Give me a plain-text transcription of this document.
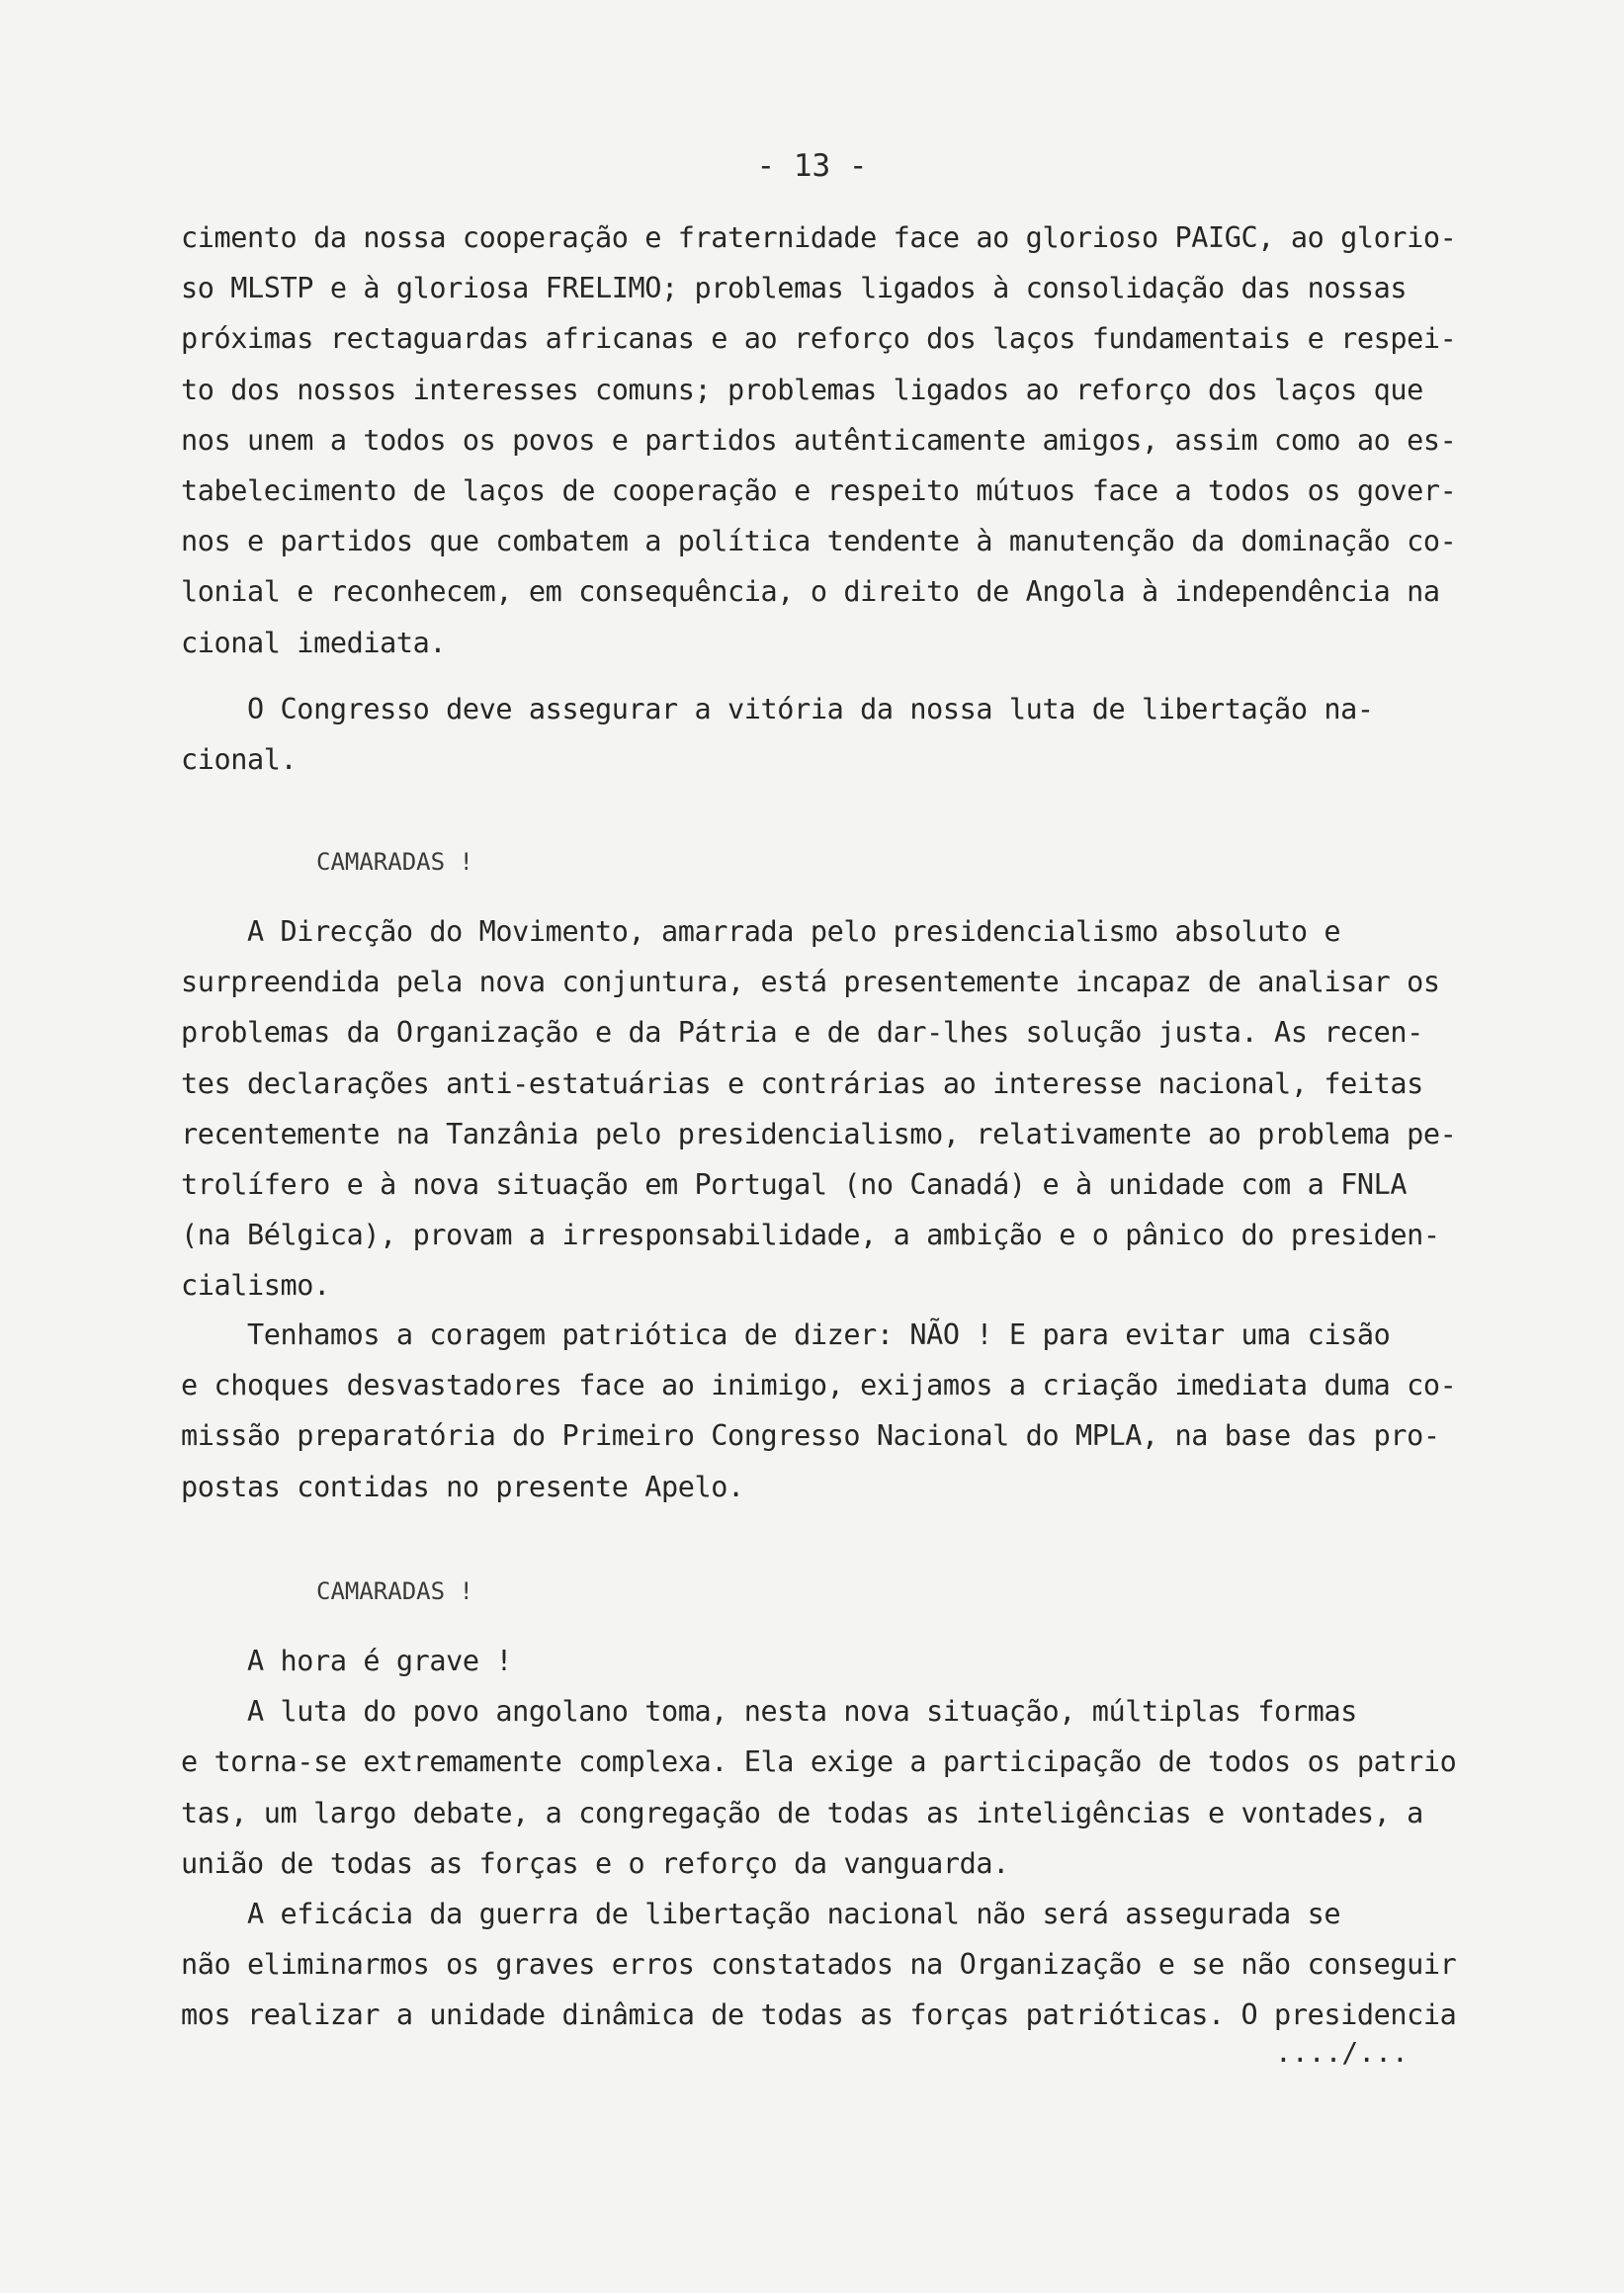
- 13 -
cimento da nossa cooperação e fraternidade face ao glorioso PAIGC, ao glorio-
so MLSTP e à gloriosa FRELIMO; problemas ligados à consolidação das nossas
próximas rectaguardas africanas e ao reforço dos laços fundamentais e respei-
to dos nossos interesses comuns; problemas ligados ao reforço dos laços que
nos unem a todos os povos e partidos autênticamente amigos, assim como ao es-
tabelecimento de laços de cooperação e respeito mútuos face a todos os gover-
nos e partidos que combatem a política tendente à manutenção da dominação co-
lonial e reconhecem, em consequência, o direito de Angola à independência na
cional imediata.
O Congresso deve assegurar a vitória da nossa luta de libertação na-
cional.
CAMARADAS !
A Direcção do Movimento, amarrada pelo presidencialismo absoluto e
surpreendida pela nova conjuntura, está presentemente incapaz de analisar os
problemas da Organização e da Pátria e de dar-lhes solução justa. As recen-
tes declarações anti-estatuárias e contrárias ao interesse nacional, feitas
recentemente na Tanzânia pelo presidencialismo, relativamente ao problema pe-
trolífero e à nova situação em Portugal (no Canadá) e à unidade com a FNLA
(na Bélgica), provam a irresponsabilidade, a ambição e o pânico do presiden-
cialismo.
Tenhamos a coragem patriótica de dizer: NÃO ! E para evitar uma cisão
e choques desvastadores face ao inimigo, exijamos a criação imediata duma co-
missão preparatória do Primeiro Congresso Nacional do MPLA, na base das pro-
postas contidas no presente Apelo.
CAMARADAS !
A hora é grave !
A luta do povo angolano toma, nesta nova situação, múltiplas formas
e torna-se extremamente complexa. Ela exige a participação de todos os patrio
tas, um largo debate, a congregação de todas as inteligências e vontades, a
união de todas as forças e o reforço da vanguarda.
A eficácia da guerra de libertação nacional não será assegurada se
não eliminarmos os graves erros constatados na Organização e se não conseguir
mos realizar a unidade dinâmica de todas as forças patrióticas. O presidencia
..../...
